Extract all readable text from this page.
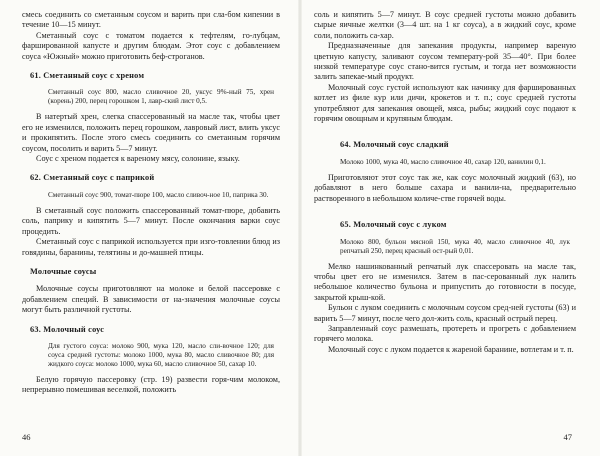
смесь соединить со сметанным соусом и варить при сла-бом кипении в течение 10—15 минут.

Сметанный соус с томатом подается к тефтелям, го-лубцам, фаршированной капусте и другим блюдам. Этот соус с добавлением соуса «Южный» можно приготовить беф-строганов.

61. Сметанный соус с хреном

Сметанный соус 800, масло сливочное 20, уксус 9%-ный 75, хрен (корень) 200, перец горошком 1, лавр-ский лист 0,5.

В натертый хрен, слегка спассерованный на масле так, чтобы цвет его не изменился, положить перец горошком, лавровый лист, влить уксус и прокипятить. После этого смесь соединить со сметанным горячим соусом, посолить и варить 5—7 минут.

Соус с хреном подается к вареному мясу, солонине, языку.

62. Сметанный соус с паприкой

Сметанный соус 900, томат-пюре 100, масло сливоч-ное 10, паприка 30.

В сметанный соус положить спассерованный томат-пюре, добавить соль, паприку и кипятить 5—7 минут. После окончания варки соус процедить.

Сметанный соус с паприкой используется при изго-товлении блюд из говядины, баранины, телятины и до-машней птицы.

Молочные соусы

Молочные соусы приготовляют на молоке и белой пассеровке с добавлением специй. В зависимости от на-значения молочные соусы могут быть различной густоты.

63. Молочный соус

Для густого соуса: молоко 900, мука 120, масло сли-вочное 120; для соуса средней густоты: молоко 1000, мука 80, масло сливочное 80; для жидкого соуса: молоко 1000, мука 60, масло сливочное 50, сахар 10.

Белую горячую пассеровку (стр. 19) развести горя-чим молоком, непрерывно помешивая веселкой, положить

46

соль и кипятить 5—7 минут. В соус средней густоты можно добавить сырые яичные желтки (3—4 шт. на 1 кг соуса), а в жидкий соус, кроме соли, положить са-хар.

Предназначенные для запекания продукты, например вареную цветную капусту, заливают соусом температу-рой 35—40°. При более низкой температуре соус стано-вится густым, и тогда нет возможности залить запекае-мый продукт.

Молочный соус густой используют как начинку для фаршированных котлет из филе кур или дичи, крокетов и т. п.; соус средней густоты употребляют для запекания овощей, мяса, рыбы; жидкий соус подают к горячим овощным и крупяным блюдам.

64. Молочный соус сладкий

Молоко 1000, мука 40, масло сливочное 40, сахар 120, ванилин 0,1.

Приготовляют этот соус так же, как соус молочный жидкий (63), но добавляют в него больше сахара и ванили-на, предварительно растворенного в небольшом количе-стве горячей воды.

65. Молочный соус с луком

Молоко 800, бульон мясной 150, мука 40, масло сливочное 40, лук репчатый 250, перец красный ост-рый 0,01.

Мелко нашинкованный репчатый лук спассеровать на масле так, чтобы цвет его не изменился. Затем в пас-серованный лук налить небольшое количество бульона и припустить до готовности в посуде, закрытой крыш-кой.

Бульон с луком соединить с молочным соусом сред-ней густоты (63) и варить 5—7 минут, после чего дол-жить соль, красный острый перец.

Заправленный соус размешать, протереть и прогреть с добавлением горячего молока.

Молочный соус с луком подается к жареной баранине, вотлетам и т. п.

47
